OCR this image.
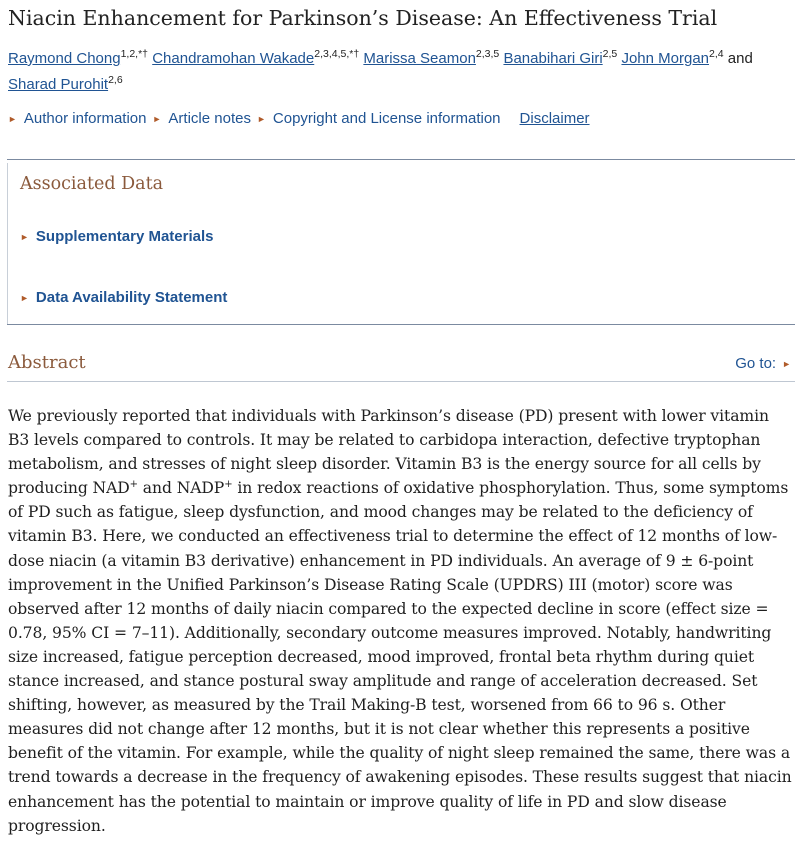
Niacin Enhancement for Parkinson’s Disease: An Effectiveness Trial
Raymond Chong$^{1,2,*\dagger}$ Chandramohan Wakade$^{2,3,4,5,*\dagger}$ Marissa Seamon$^{2,3,5}$ Banabihari Giri$^{2,5}$ John Morgan$^{2,4}$ and Sharad Purohit$^{2,6}$
► Author information ► Article notes ► Copyright and License information Disclaimer
Associated Data
► Supplementary Materials
► Data Availability Statement
Abstract	Go to: ►

We previously reported that individuals with Parkinson’s disease (PD) present with lower vitamin B3 levels compared to controls. It may be related to carbidopa interaction, defective tryptophan metabolism, and stresses of night sleep disorder. Vitamin B3 is the energy source for all cells by producing NAD+ and NADP+ in redox reactions of oxidative phosphorylation. Thus, some symptoms of PD such as fatigue, sleep dysfunction, and mood changes may be related to the deficiency of vitamin B3. Here, we conducted an effectiveness trial to determine the effect of 12 months of low-dose niacin (a vitamin B3 derivative) enhancement in PD individuals. An average of 9 ± 6-point improvement in the Unified Parkinson’s Disease Rating Scale (UPDRS) III (motor) score was observed after 12 months of daily niacin compared to the expected decline in score (effect size = 0.78, 95% CI = 7–11). Additionally, secondary outcome measures improved. Notably, handwriting size increased, fatigue perception decreased, mood improved, frontal beta rhythm during quiet stance increased, and stance postural sway amplitude and range of acceleration decreased. Set shifting, however, as measured by the Trail Making-B test, worsened from 66 to 96 s. Other measures did not change after 12 months, but it is not clear whether this represents a positive benefit of the vitamin. For example, while the quality of night sleep remained the same, there was a trend towards a decrease in the frequency of awakening episodes. These results suggest that niacin enhancement has the potential to maintain or improve quality of life in PD and slow disease progression.
